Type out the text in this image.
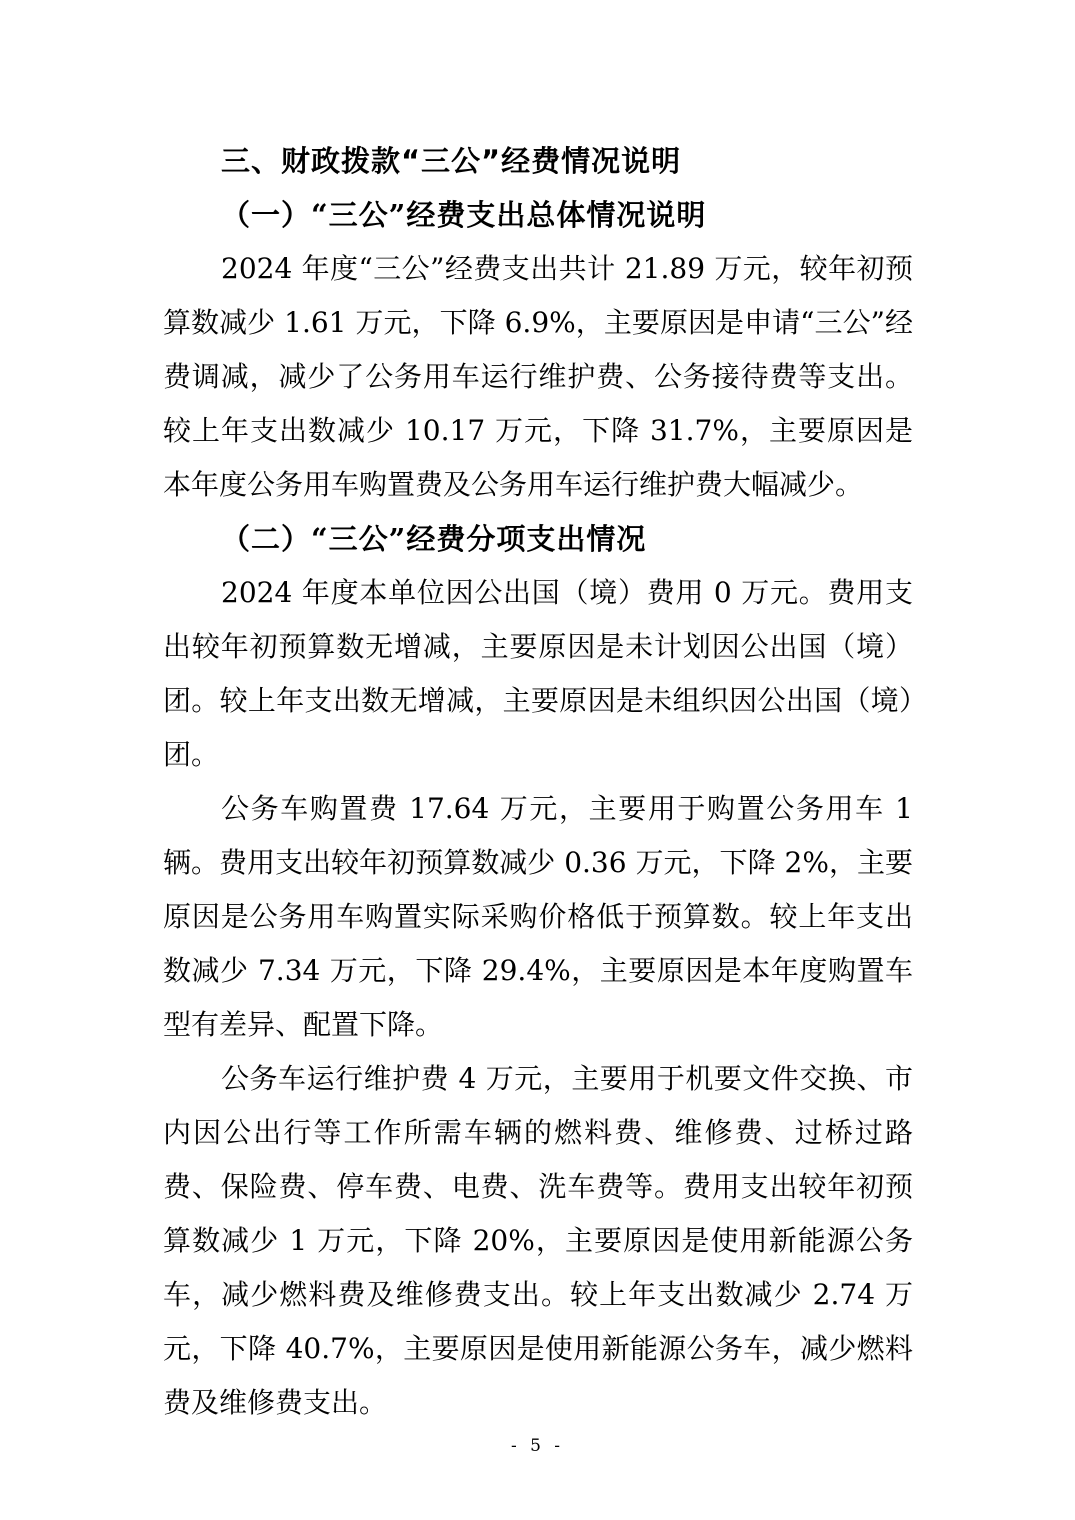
三、财政拨款“三公”经费情况说明
（一）“三公”经费支出总体情况说明

2024 年度“三公”经费支出共计 21.89 万元，较年初预算数减少 1.61 万元，下降 6.9%，主要原因是申请“三公”经费调减，减少了公务用车运行维护费、公务接待费等支出。较上年支出数减少 10.17 万元，下降 31.7%，主要原因是本年度公务用车购置费及公务用车运行维护费大幅减少。

（二）“三公”经费分项支出情况

2024 年度本单位因公出国（境）费用 0 万元。费用支出较年初预算数无增减，主要原因是未计划因公出国（境）团。较上年支出数无增减，主要原因是未组织因公出国（境）团。

公务车购置费 17.64 万元，主要用于购置公务用车 1 辆。费用支出较年初预算数减少 0.36 万元，下降 2%，主要原因是公务用车购置实际采购价格低于预算数。较上年支出数减少 7.34 万元，下降 29.4%，主要原因是本年度购置车型有差异、配置下降。

公务车运行维护费 4 万元，主要用于机要文件交换、市内因公出行等工作所需车辆的燃料费、维修费、过桥过路费、保险费、停车费、电费、洗车费等。费用支出较年初预算数减少 1 万元，下降 20%，主要原因是使用新能源公务车，减少燃料费及维修费支出。较上年支出数减少 2.74 万元，下降 40.7%，主要原因是使用新能源公务车，减少燃料费及维修费支出。

- 5 -
